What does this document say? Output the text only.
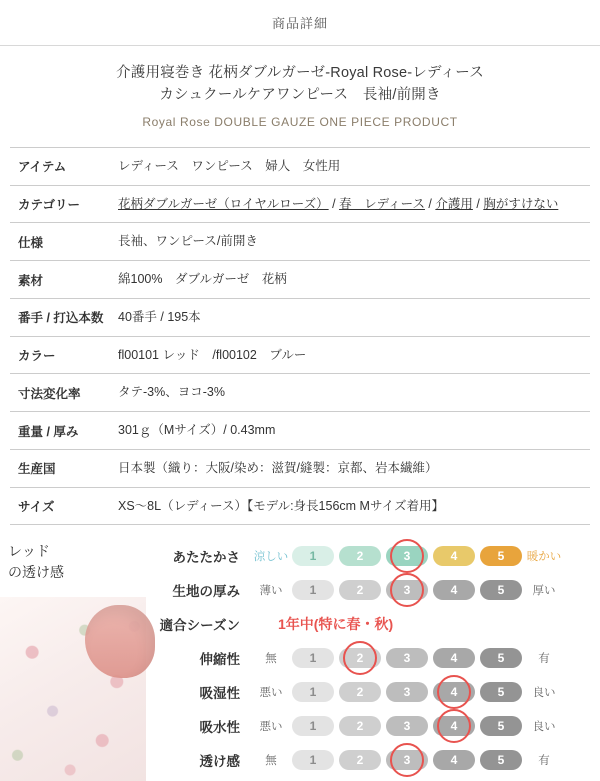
商品詳細
介護用寝巻き 花柄ダブルガーゼ-Royal Rose-レディース
カシュクールケアワンピース　長袖/前開き
Royal Rose DOUBLE GAUZE ONE PIECE PRODUCT
アイテム	レディース　ワンピース　婦人　女性用
カテゴリー	花柄ダブルガーゼ（ロイヤルローズ） / 春　レディース / 介護用 / 胸がすけない
仕様	長袖、ワンピース/前開き
素材	綿100%　ダブルガーゼ　花柄
番手 / 打込本数	40番手 / 195本
カラー	fl00101 レッド　/fl00102　ブルー
寸法変化率	タテ-3%、ヨコ-3%
重量 / 厚み	301ｇ（Mサイズ）/ 0.43mm
生産国	日本製（織り：大阪/染め：滋賀/縫製：京都、岩本繊維）
サイズ	XS〜8L（レディース）【モデル:身長156cm Mサイズ着用】
レッド
の透け感
あたたかさ	涼しい	1	2	3	4	5	暖かい
生地の厚み	薄い	1	2	3	4	5	厚い
適合シーズン	1年中(特に春・秋)
伸縮性	無	1	2	3	4	5	有
吸湿性	悪い	1	2	3	4	5	良い
吸水性	悪い	1	2	3	4	5	良い
透け感	無	1	2	3	4	5	有
